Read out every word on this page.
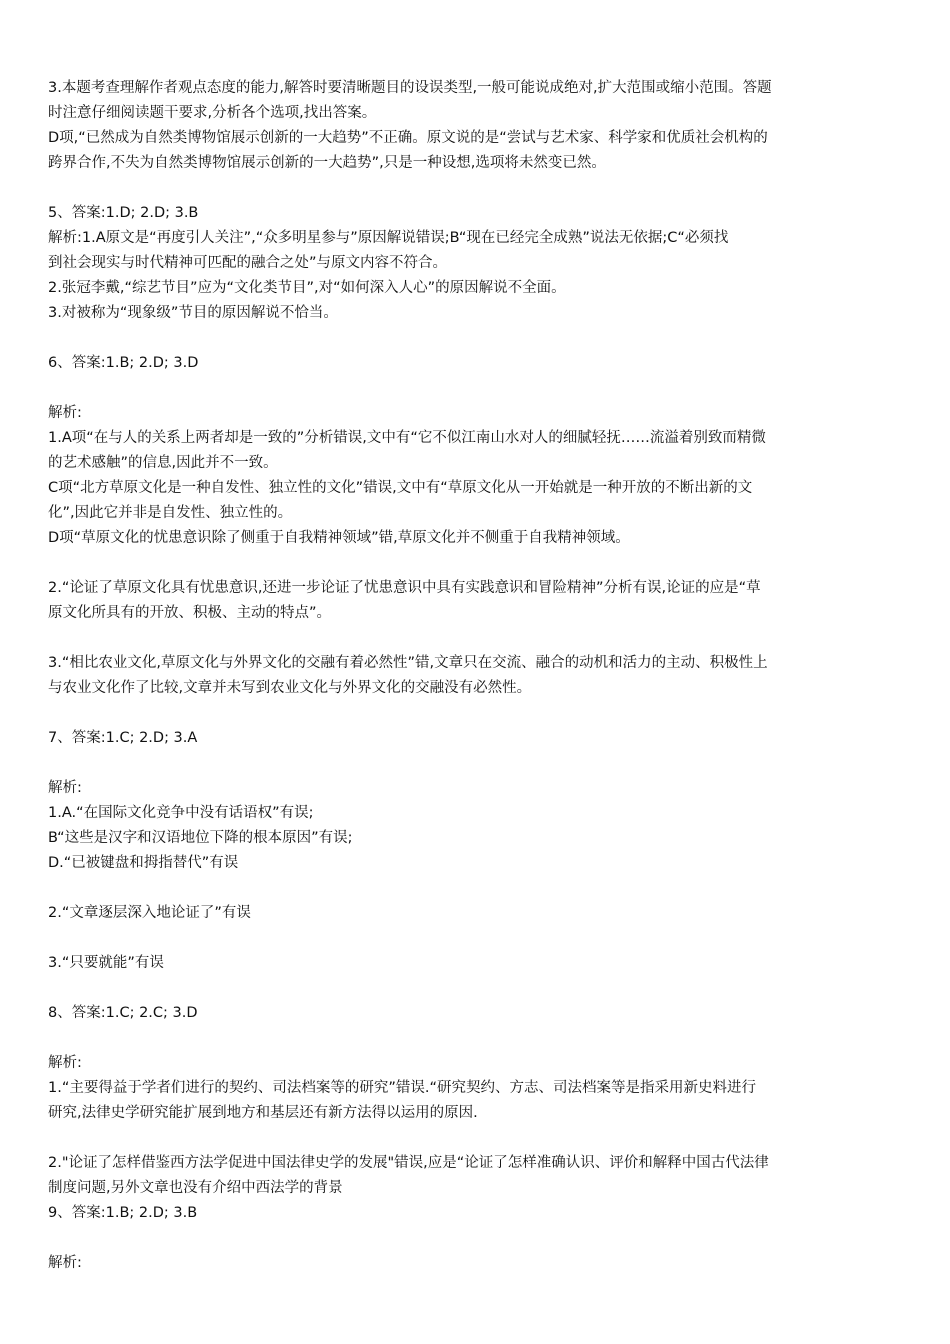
3.本题考查理解作者观点态度的能力,解答时要清晰题目的设误类型,一般可能说成绝对,扩大范围或缩小范围。答题
时注意仔细阅读题干要求,分析各个选项,找出答案。
D项,“已然成为自然类博物馆展示创新的一大趋势”不正确。原文说的是“尝试与艺术家、科学家和优质社会机构的
跨界合作,不失为自然类博物馆展示创新的一大趋势”,只是一种设想,选项将未然变已然。
5、答案:1.D; 2.D; 3.B
解析:1.A原文是“再度引人关注”,“众多明星参与”原因解说错误;B“现在已经完全成熟”说法无依据;C“必须找
到社会现实与时代精神可匹配的融合之处”与原文内容不符合。
2.张冠李戴,“综艺节目”应为“文化类节目”,对“如何深入人心”的原因解说不全面。
3.对被称为“现象级”节目的原因解说不恰当。
6、答案:1.B; 2.D; 3.D
解析:
1.A项“在与人的关系上两者却是一致的”分析错误,文中有“它不似江南山水对人的细腻轻抚……流溢着别致而精微
的艺术感触”的信息,因此并不一致。
C项“北方草原文化是一种自发性、独立性的文化”错误,文中有“草原文化从一开始就是一种开放的不断出新的文
化”,因此它并非是自发性、独立性的。
D项“草原文化的忧患意识除了侧重于自我精神领域”错,草原文化并不侧重于自我精神领域。
2.“论证了草原文化具有忧患意识,还进一步论证了忧患意识中具有实践意识和冒险精神”分析有误,论证的应是“草
原文化所具有的开放、积极、主动的特点”。
3.“相比农业文化,草原文化与外界文化的交融有着必然性”错,文章只在交流、融合的动机和活力的主动、积极性上
与农业文化作了比较,文章并未写到农业文化与外界文化的交融没有必然性。
7、答案:1.C; 2.D; 3.A
解析:
1.A.“在国际文化竞争中没有话语权”有误;
B“这些是汉字和汉语地位下降的根本原因”有误;
D.“已被键盘和拇指替代”有误
2.“文章逐层深入地论证了”有误
3.“只要就能”有误
8、答案:1.C; 2.C; 3.D
解析:
1.“主要得益于学者们进行的契约、司法档案等的研究”错误.“研究契约、方志、司法档案等是指采用新史料进行
研究,法律史学研究能扩展到地方和基层还有新方法得以运用的原因.
2."论证了怎样借鉴西方法学促进中国法律史学的发展"错误,应是“论证了怎样准确认识、评价和解释中国古代法律
制度问题,另外文章也没有介绍中西法学的背景
9、答案:1.B; 2.D; 3.B
解析:
